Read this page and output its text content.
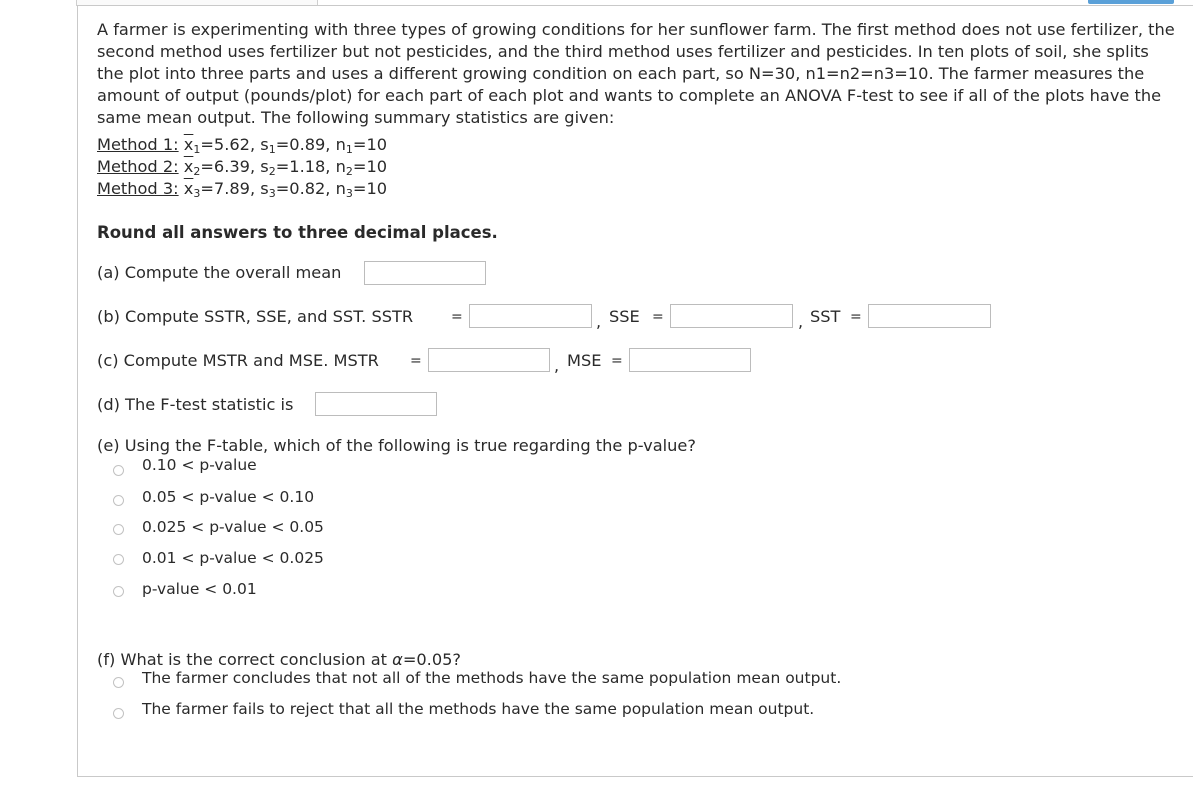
A farmer is experimenting with three types of growing conditions for her sunflower farm. The first method does not use fertilizer, the second method uses fertilizer but not pesticides, and the third method uses fertilizer and pesticides. In ten plots of soil, she splits the plot into three parts and uses a different growing condition on each part, so N=30, n1=n2=n3=10. The farmer measures the amount of output (pounds/plot) for each part of each plot and wants to complete an ANOVA F-test to see if all of the plots have the same mean output. The following summary statistics are given:
Method 1: $\overline{x}_1=5.62$, $s_1=0.89$, $n_1=10$
Method 2: $\overline{x}_2=6.39$, $s_2=1.18$, $n_2=10$
Method 3: $\overline{x}_3=7.89$, $s_3=0.82$, $n_3=10$
Round all answers to three decimal places.
(a) Compute the overall mean
(b) Compute SSTR, SSE, and SST. SSTR	=	, SSE =	, SST =
(c) Compute MSTR and MSE. MSTR =	, MSE =
(d) The F-test statistic is
(e) Using the F-table, which of the following is true regarding the p-value?
0.10 < p-value
0.05 < p-value < 0.10
0.025 < p-value < 0.05
0.01 < p-value < 0.025
p-value < 0.01
(f) What is the correct conclusion at α=0.05?
The farmer concludes that not all of the methods have the same population mean output.
The farmer fails to reject that all the methods have the same population mean output.
